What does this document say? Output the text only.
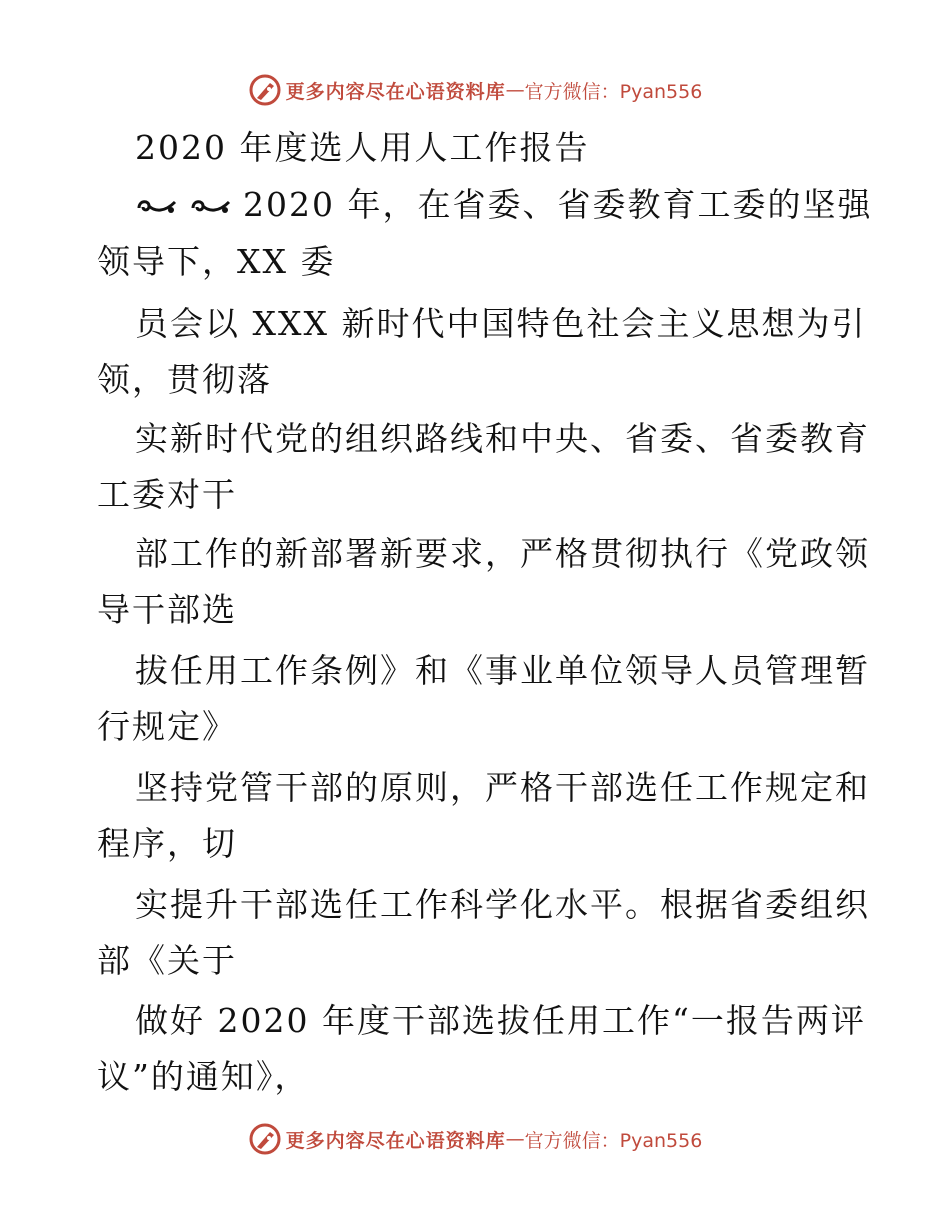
更多内容尽在心语资料库 — 官方微信：Pyan556
2020 年度选人用人工作报告
2020 年，在省委、省委教育工委的坚强
领导下，XX 委
员会以 XXX 新时代中国特色社会主义思想为引
领，贯彻落
实新时代党的组织路线和中央、省委、省委教育
工委对干
部工作的新部署新要求，严格贯彻执行《党政领
导干部选
拔任用工作条例》和《事业单位领导人员管理暂
行规定》
坚持党管干部的原则，严格干部选任工作规定和
程序，切
实提升干部选任工作科学化水平。根据省委组织
部《关于
做好 2020 年度干部选拔任用工作“一报告两评
议”的通知》，
更多内容尽在心语资料库 — 官方微信：Pyan556
